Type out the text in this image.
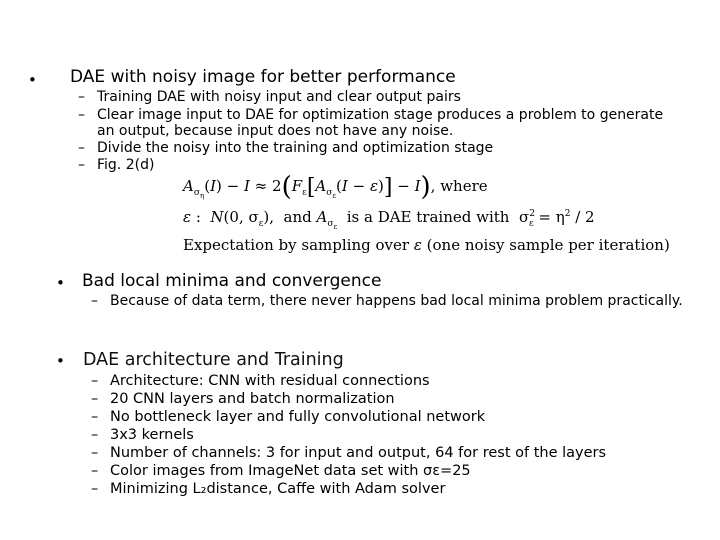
• DAE with noisy image for better performance
– Training DAE with noisy input and clear output pairs
– Clear image input to DAE for optimization stage produces a problem to generate an output, because input does not have any noise.
– Divide the noisy into the training and optimization stage
– Fig. 2(d)
$A_{\sigma_\eta}(I) - I \approx 2(F_\varepsilon[A_{\sigma_\varepsilon}(I - \varepsilon)] - I)$, where
ε :  N(0, $\sigma_\varepsilon$),  and $A_{\sigma_\varepsilon}$  is a DAE trained with  $\sigma^2_\varepsilon = \eta^2 / 2$
Expectation by sampling over ε (one noisy sample per iteration)
• Bad local minima and convergence
– Because of data term, there never happens bad local minima problem practically.
• DAE architecture and Training
– Architecture: CNN with residual connections
– 20 CNN layers and batch normalization
– No bottleneck layer and fully convolutional network
– 3x3 kernels
– Number of channels: 3 for input and output, 64 for rest of the layers
– Color images from ImageNet data set with σε=25
– Minimizing L₂distance, Caffe with Adam solver
